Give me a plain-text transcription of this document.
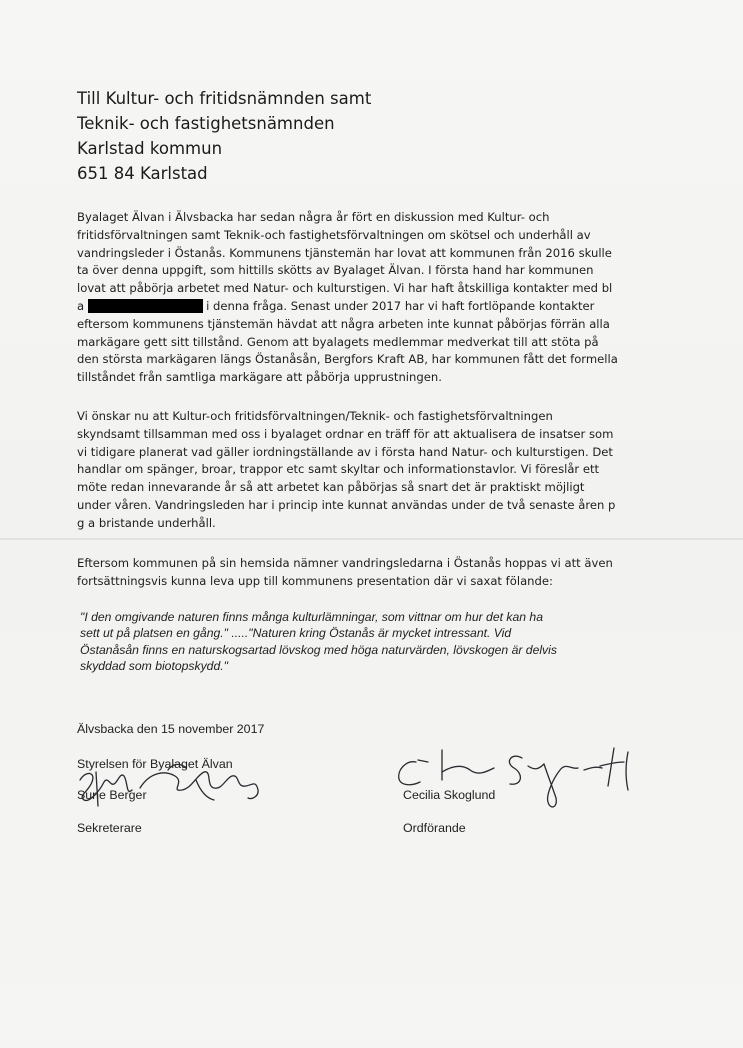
Till Kultur- och fritidsnämnden samt
Teknik- och fastighetsnämnden
Karlstad kommun
651 84 Karlstad
Byalaget Älvan i Älvsbacka har sedan några år fört en diskussion med Kultur- och
fritidsförvaltningen samt Teknik-och fastighetsförvaltningen om skötsel och underhåll av
vandringsleder i Östanås. Kommunens tjänstemän har lovat att kommunen från 2016 skulle
ta över denna uppgift, som hittills skötts av Byalaget Älvan. I första hand har kommunen
lovat att påbörja arbetet med Natur- och kulturstigen. Vi har haft åtskilliga kontakter med bl
a	i denna fråga. Senast under 2017 har vi haft fortlöpande kontakter
eftersom kommunens tjänstemän hävdat att några arbeten inte kunnat påbörjas förrän alla
markägare gett sitt tillstånd. Genom att byalagets medlemmar medverkat till att stöta på
den största markägaren längs Östanåsån, Bergfors Kraft AB, har kommunen fått det formella
tillståndet från samtliga markägare att påbörja upprustningen.
Vi önskar nu att Kultur-och fritidsförvaltningen/Teknik- och fastighetsförvaltningen
skyndsamt tillsamman med oss i byalaget ordnar en träff för att aktualisera de insatser som
vi tidigare planerat vad gäller iordningställande av i första hand Natur- och kulturstigen. Det
handlar om spänger, broar, trappor etc samt skyltar och informationstavlor. Vi föreslår ett
möte redan innevarande år så att arbetet kan påbörjas så snart det är praktiskt möjligt
under våren. Vandringsleden har i princip inte kunnat användas under de två senaste åren p
g a bristande underhåll.
Eftersom kommunen på sin hemsida nämner vandringsledarna i Östanås hoppas vi att även
fortsättningsvis kunna leva upp till kommunens presentation där vi saxat fölande:
"I den omgivande naturen finns många kulturlämningar, som vittnar om hur det kan ha
sett ut på platsen en gång." ....."Naturen kring Östanås är mycket intressant. Vid
Östanåsån finns en naturskogsartad lövskog med höga naturvärden, lövskogen är delvis
skyddad som biotopskydd."
Älvsbacka den 15 november 2017
Styrelsen för Byalaget Älvan
Sune Berger
Sekreterare
Cecilia Skoglund
Ordförande
